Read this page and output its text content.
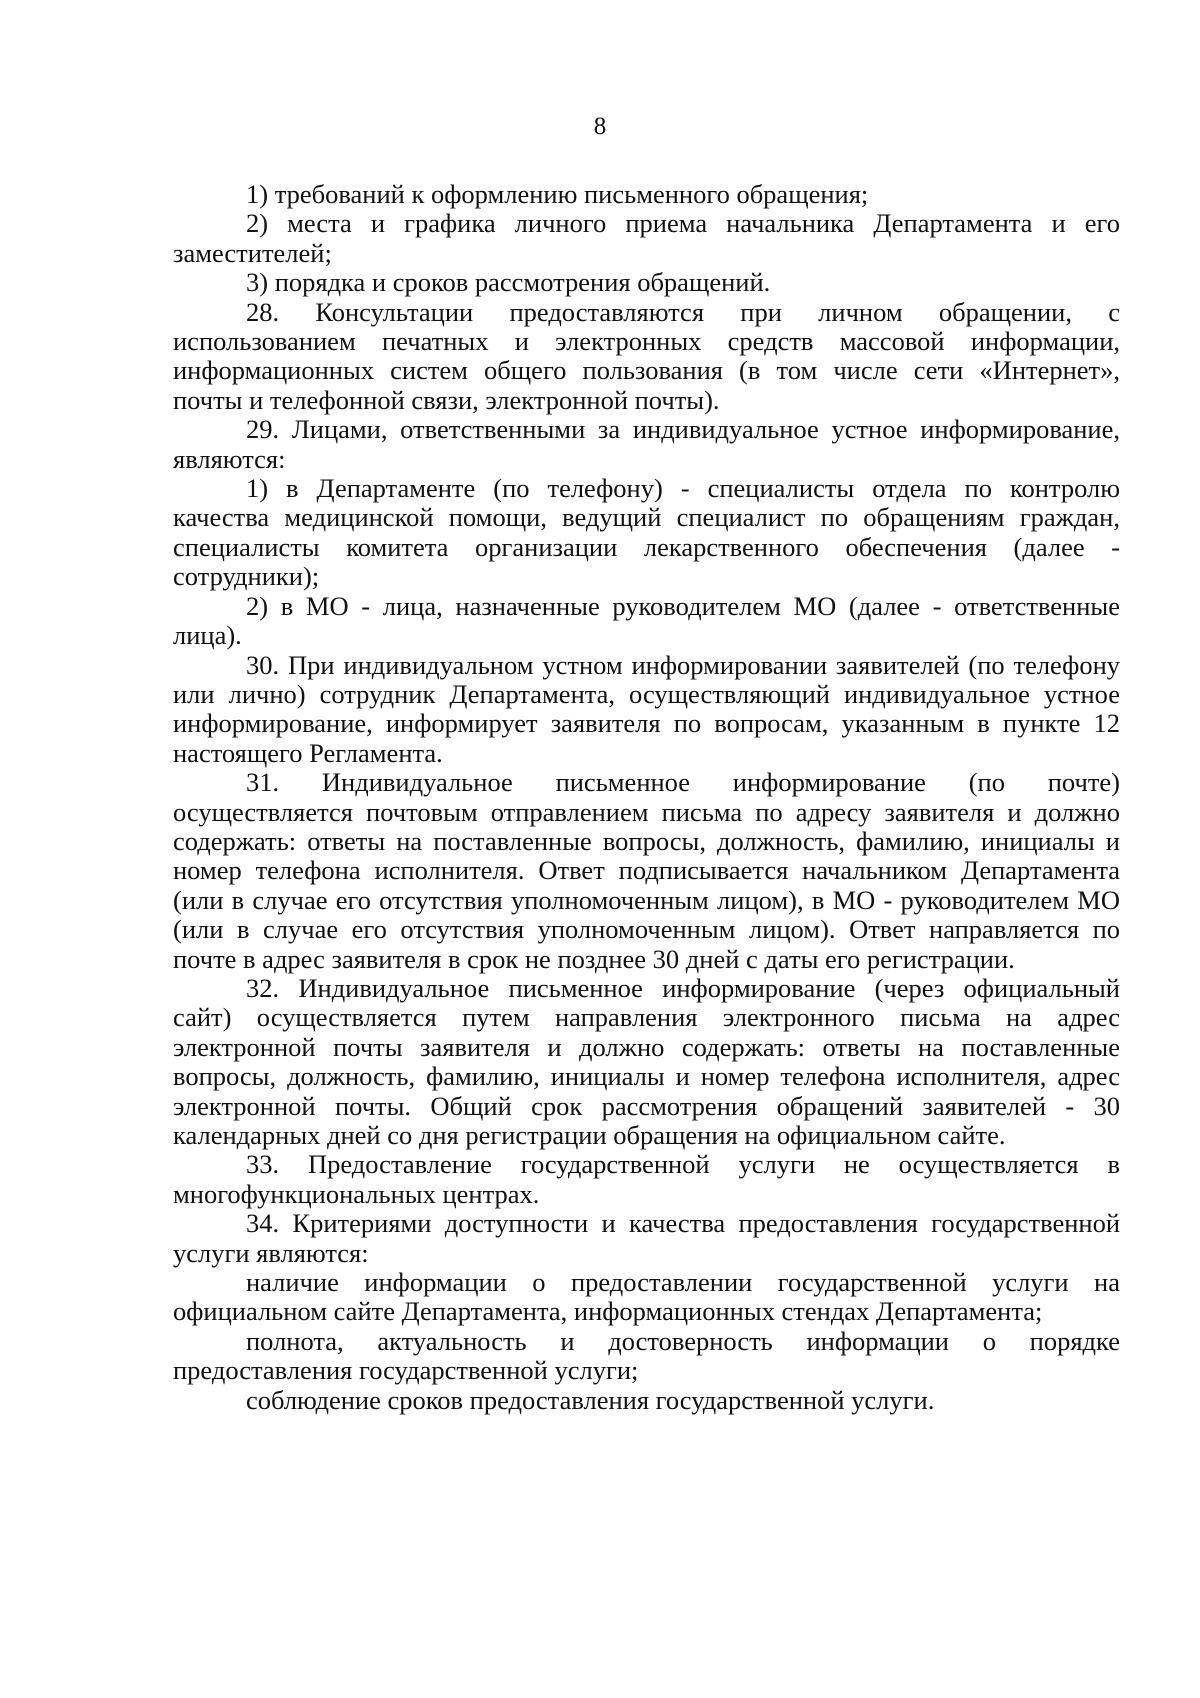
8

1) требований к оформлению письменного обращения;

2) места и графика личного приема начальника Департамента и его заместителей;

3) порядка и сроков рассмотрения обращений.

28. Консультации предоставляются при личном обращении, с использованием печатных и электронных средств массовой информации, информационных систем общего пользования (в том числе сети «Интернет», почты и телефонной связи, электронной почты).

29. Лицами, ответственными за индивидуальное устное информирование, являются:

1) в Департаменте (по телефону) - специалисты отдела по контролю качества медицинской помощи, ведущий специалист по обращениям граждан, специалисты комитета организации лекарственного обеспечения (далее - сотрудники);

2) в МО - лица, назначенные руководителем МО (далее - ответственные лица).

30. При индивидуальном устном информировании заявителей (по телефону или лично) сотрудник Департамента, осуществляющий индивидуальное устное информирование, информирует заявителя по вопросам, указанным в пункте 12 настоящего Регламента.

31. Индивидуальное письменное информирование (по почте) осуществляется почтовым отправлением письма по адресу заявителя и должно содержать: ответы на поставленные вопросы, должность, фамилию, инициалы и номер телефона исполнителя. Ответ подписывается начальником Департамента (или в случае его отсутствия уполномоченным лицом), в МО - руководителем МО (или в случае его отсутствия уполномоченным лицом). Ответ направляется по почте в адрес заявителя в срок не позднее 30 дней с даты его регистрации.

32. Индивидуальное письменное информирование (через официальный сайт) осуществляется путем направления электронного письма на адрес электронной почты заявителя и должно содержать: ответы на поставленные вопросы, должность, фамилию, инициалы и номер телефона исполнителя, адрес электронной почты. Общий срок рассмотрения обращений заявителей - 30 календарных дней со дня регистрации обращения на официальном сайте.

33. Предоставление государственной услуги не осуществляется в многофункциональных центрах.

34. Критериями доступности и качества предоставления государственной услуги являются:

наличие информации о предоставлении государственной услуги на официальном сайте Департамента, информационных стендах Департамента;

полнота, актуальность и достоверность информации о порядке предоставления государственной услуги;

соблюдение сроков предоставления государственной услуги.
